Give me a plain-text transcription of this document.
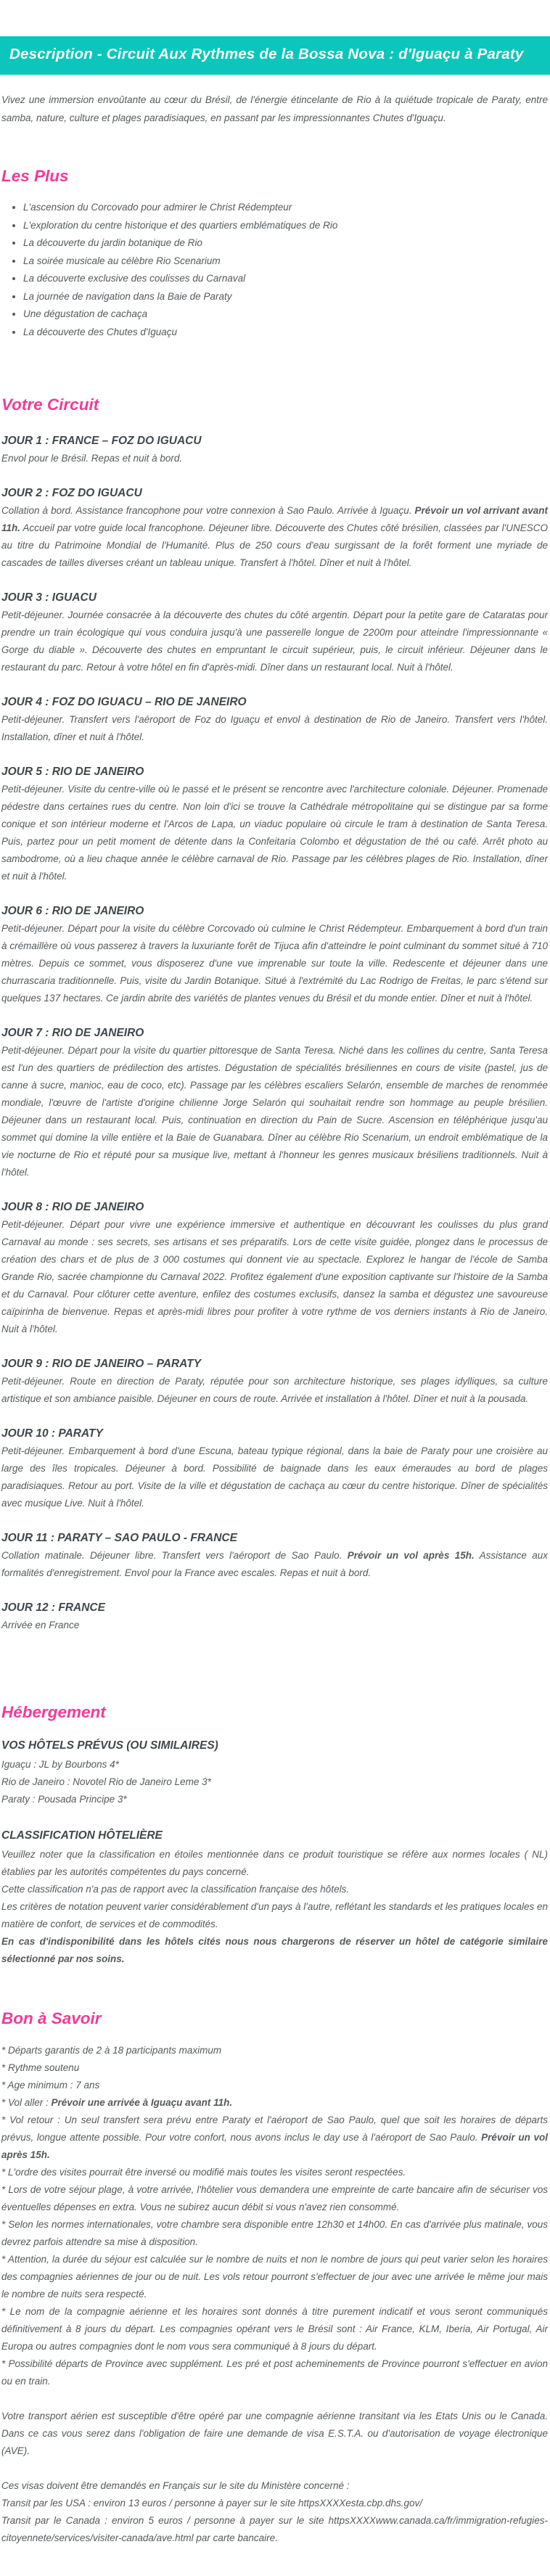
Description - Circuit Aux Rythmes de la Bossa Nova : d'Iguaçu à Paraty

Vivez une immersion envoûtante au cœur du Brésil, de l'énergie étincelante de Rio à la quiétude tropicale de Paraty, entre samba, nature, culture et plages paradisiaques, en passant par les impressionnantes Chutes d'Iguaçu.

Les Plus
• L'ascension du Corcovado pour admirer le Christ Rédempteur
• L'exploration du centre historique et des quartiers emblématiques de Rio
• La découverte du jardin botanique de Rio
• La soirée musicale au célèbre Rio Scenarium
• La découverte exclusive des coulisses du Carnaval
• La journée de navigation dans la Baie de Paraty
• Une dégustation de cachaça
• La découverte des Chutes d'Iguaçu
Votre Circuit
JOUR 1 : FRANCE – FOZ DO IGUACU

Envol pour le Brésil. Repas et nuit à bord.

JOUR 2 : FOZ DO IGUACU

Collation à bord. Assistance francophone pour votre connexion à Sao Paulo. Arrivée à Iguaçu. Prévoir un vol arrivant avant 11h. Accueil par votre guide local francophone. Déjeuner libre. Découverte des Chutes côté brésilien, classées par l'UNESCO au titre du Patrimoine Mondial de l'Humanité. Plus de 250 cours d'eau surgissant de la forêt forment une myriade de cascades de tailles diverses créant un tableau unique. Transfert à l'hôtel. Dîner et nuit à l'hôtel.

JOUR 3 : IGUACU

Petit-déjeuner. Journée consacrée à la découverte des chutes du côté argentin. Départ pour la petite gare de Cataratas pour prendre un train écologique qui vous conduira jusqu'à une passerelle longue de 2200m pour atteindre l'impressionnante « Gorge du diable ». Découverte des chutes en empruntant le circuit supérieur, puis, le circuit inférieur. Déjeuner dans le restaurant du parc. Retour à votre hôtel en fin d'après-midi. Dîner dans un restaurant local. Nuit à l'hôtel.

JOUR 4 : FOZ DO IGUACU – RIO DE JANEIRO

Petit-déjeuner. Transfert vers l'aéroport de Foz do Iguaçu et envol à destination de Rio de Janeiro. Transfert vers l'hôtel. Installation, dîner et nuit à l'hôtel.

JOUR 5 : RIO DE JANEIRO

Petit-déjeuner. Visite du centre-ville où le passé et le présent se rencontre avec l'architecture coloniale. Déjeuner. Promenade pédestre dans certaines rues du centre. Non loin d'ici se trouve la Cathédrale métropolitaine qui se distingue par sa forme conique et son intérieur moderne et l'Arcos de Lapa, un viaduc populaire où circule le tram à destination de Santa Teresa. Puis, partez pour un petit moment de détente dans la Confeitaria Colombo et dégustation de thé ou café. Arrêt photo au sambodrome, où a lieu chaque année le célèbre carnaval de Rio. Passage par les célèbres plages de Rio. Installation, dîner et nuit à l'hôtel.

JOUR 6 : RIO DE JANEIRO

Petit-déjeuner. Départ pour la visite du célèbre Corcovado où culmine le Christ Rédempteur. Embarquement à bord d'un train à crémaillère où vous passerez à travers la luxuriante forêt de Tijuca afin d'atteindre le point culminant du sommet situé à 710 mètres. Depuis ce sommet, vous disposerez d'une vue imprenable sur toute la ville. Redescente et déjeuner dans une churrascaria traditionnelle. Puis, visite du Jardin Botanique. Situé à l'extrémité du Lac Rodrigo de Freitas, le parc s'étend sur quelques 137 hectares. Ce jardin abrite des variétés de plantes venues du Brésil et du monde entier. Dîner et nuit à l'hôtel.

JOUR 7 : RIO DE JANEIRO

Petit-déjeuner. Départ pour la visite du quartier pittoresque de Santa Teresa. Niché dans les collines du centre, Santa Teresa est l'un des quartiers de prédilection des artistes. Dégustation de spécialités brésiliennes en cours de visite (pastel, jus de canne à sucre, manioc, eau de coco, etc). Passage par les célèbres escaliers Selarón, ensemble de marches de renommée mondiale, l'œuvre de l'artiste d'origine chilienne Jorge Selarón qui souhaitait rendre son hommage au peuple brésilien. Déjeuner dans un restaurant local. Puis, continuation en direction du Pain de Sucre. Ascension en téléphérique jusqu'au sommet qui domine la ville entière et la Baie de Guanabara. Dîner au célèbre Rio Scenarium, un endroit emblématique de la vie nocturne de Rio et réputé pour sa musique live, mettant à l'honneur les genres musicaux brésiliens traditionnels. Nuit à l'hôtel.

JOUR 8 : RIO DE JANEIRO

Petit-déjeuner. Départ pour vivre une expérience immersive et authentique en découvrant les coulisses du plus grand Carnaval au monde : ses secrets, ses artisans et ses préparatifs. Lors de cette visite guidée, plongez dans le processus de création des chars et de plus de 3 000 costumes qui donnent vie au spectacle. Explorez le hangar de l'école de Samba Grande Rio, sacrée championne du Carnaval 2022. Profitez également d'une exposition captivante sur l'histoire de la Samba et du Carnaval. Pour clôturer cette aventure, enfilez des costumes exclusifs, dansez la samba et dégustez une savoureuse caïpirinha de bienvenue. Repas et après-midi libres pour profiter à votre rythme de vos derniers instants à Rio de Janeiro. Nuit à l'hôtel.

JOUR 9 : RIO DE JANEIRO – PARATY

Petit-déjeuner. Route en direction de Paraty, réputée pour son architecture historique, ses plages idylliques, sa culture artistique et son ambiance paisible. Déjeuner en cours de route. Arrivée et installation à l'hôtel. Dîner et nuit à la pousada.

JOUR 10 : PARATY

Petit-déjeuner. Embarquement à bord d'une Escuna, bateau typique régional, dans la baie de Paraty pour une croisière au large des îles tropicales. Déjeuner à bord. Possibilité de baignade dans les eaux émeraudes au bord de plages paradisiaques. Retour au port. Visite de la ville et dégustation de cachaça au cœur du centre historique. Dîner de spécialités avec musique Live. Nuit à l'hôtel.

JOUR 11 : PARATY – SAO PAULO - FRANCE

Collation matinale. Déjeuner libre. Transfert vers l'aéroport de Sao Paulo. Prévoir un vol après 15h. Assistance aux formalités d'enregistrement. Envol pour la France avec escales. Repas et nuit à bord.

JOUR 12 : FRANCE

Arrivée en France

Hébergement

VOS HÔTELS PRÉVUS (OU SIMILAIRES)

Iguaçu : JL by Bourbons 4*

Rio de Janeiro : Novotel Rio de Janeiro Leme 3*

Paraty : Pousada Principe 3*

CLASSIFICATION HÔTELIÈRE

Veuillez noter que la classification en étoiles mentionnée dans ce produit touristique se réfère aux normes locales ( NL) établies par les autorités compétentes du pays concerné.

Cette classification n'a pas de rapport avec la classification française des hôtels.

Les critères de notation peuvent varier considérablement d'un pays à l'autre, reflétant les standards et les pratiques locales en matière de confort, de services et de commodités.

En cas d'indisponibilité dans les hôtels cités nous nous chargerons de réserver un hôtel de catégorie similaire sélectionné par nos soins.

Bon à Savoir

* Départs garantis de 2 à 18 participants maximum

* Rythme soutenu

* Age minimum : 7 ans

* Vol aller : Prévoir une arrivée à Iguaçu avant 11h.

* Vol retour : Un seul transfert sera prévu entre Paraty et l'aéroport de Sao Paulo, quel que soit les horaires de départs prévus, longue attente possible. Pour votre confort, nous avons inclus le day use à l'aéroport de Sao Paulo. Prévoir un vol après 15h.

* L'ordre des visites pourrait être inversé ou modifié mais toutes les visites seront respectées.

* Lors de votre séjour plage, à votre arrivée, l'hôtelier vous demandera une empreinte de carte bancaire afin de sécuriser vos éventuelles dépenses en extra. Vous ne subirez aucun débit si vous n'avez rien consommé.

* Selon les normes internationales, votre chambre sera disponible entre 12h30 et 14h00. En cas d'arrivée plus matinale, vous devrez parfois attendre sa mise à disposition.

* Attention, la durée du séjour est calculée sur le nombre de nuits et non le nombre de jours qui peut varier selon les horaires des compagnies aériennes de jour ou de nuit. Les vols retour pourront s'effectuer de jour avec une arrivée le même jour mais le nombre de nuits sera respecté.

* Le nom de la compagnie aérienne et les horaires sont donnés à titre purement indicatif et vous seront communiqués définitivement à 8 jours du départ. Les compagnies opérant vers le Brésil sont : Air France, KLM, Iberia, Air Portugal, Air Europa ou autres compagnies dont le nom vous sera communiqué à 8 jours du départ.

* Possibilité départs de Province avec supplément. Les pré et post acheminements de Province pourront s'effectuer en avion ou en train.

Votre transport aérien est susceptible d'être opéré par une compagnie aérienne transitant via les Etats Unis ou le Canada. Dans ce cas vous serez dans l'obligation de faire une demande de visa E.S.T.A. ou d'autorisation de voyage électronique (AVE).

Ces visas doivent être demandés en Français sur le site du Ministère concerné :

Transit par les USA : environ 13 euros / personne à payer sur le site httpsXXXXesta.cbp.dhs.gov/

Transit par le Canada : environ 5 euros / personne à payer sur le site httpsXXXXwww.canada.ca/fr/immigration-refugies-citoyennete/services/visiter-canada/ave.html par carte bancaire.
